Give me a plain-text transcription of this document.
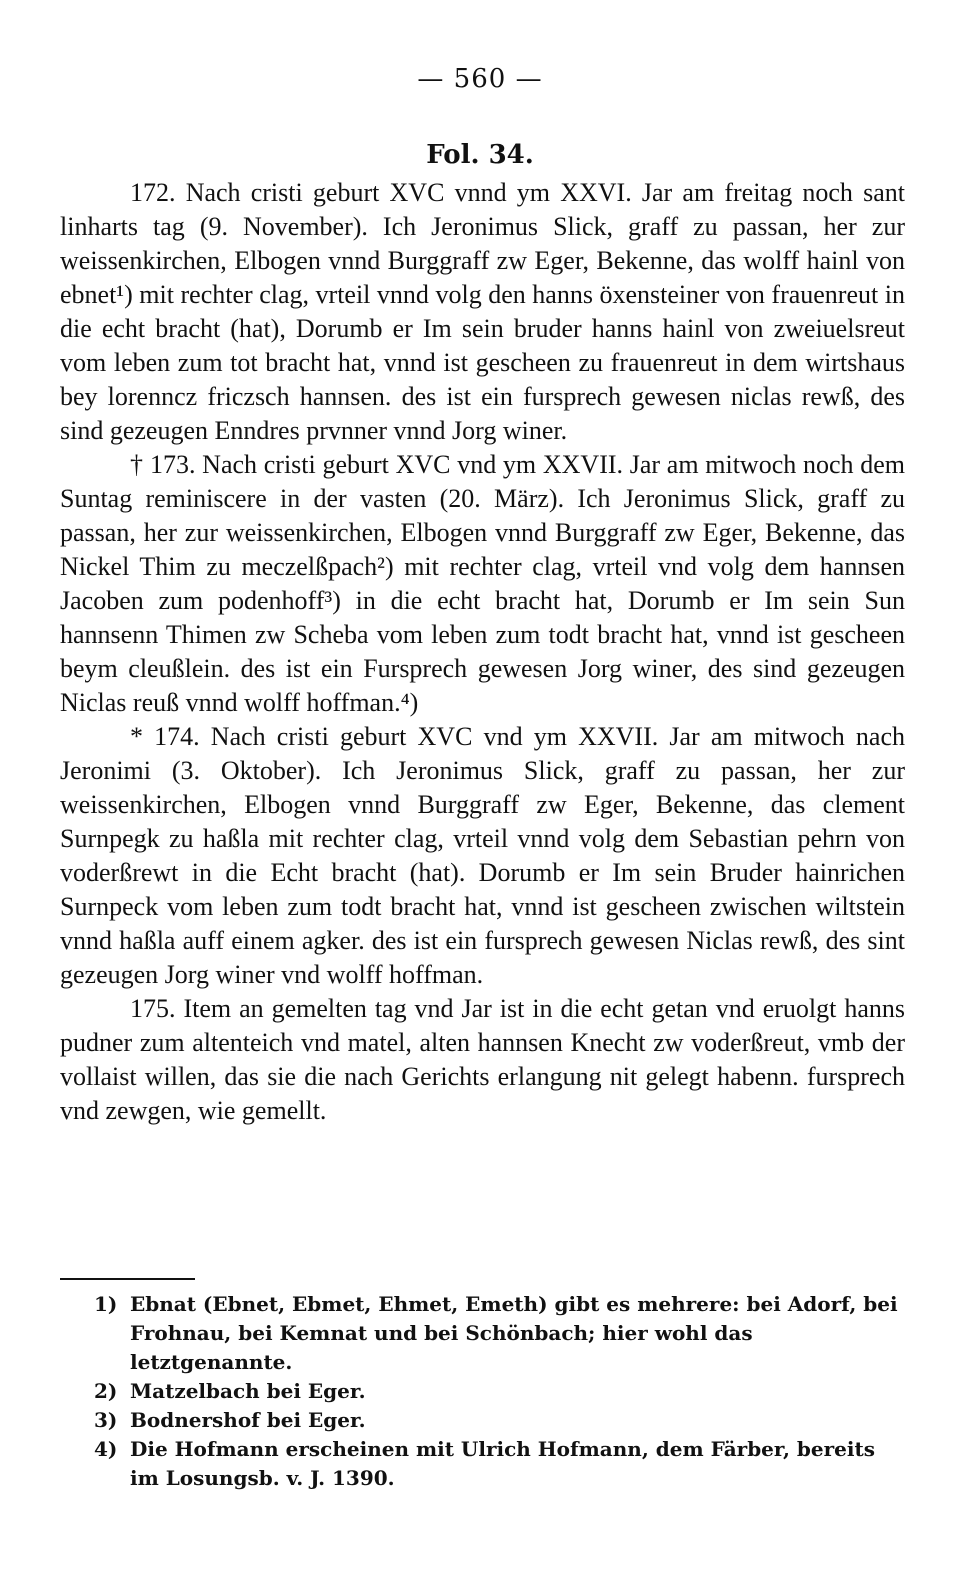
— 560 —
Fol. 34.

172. Nach cristi geburt XVC vnnd ym XXVI. Jar am freitag noch sant linharts tag (9. November). Ich Jeronimus Slick, graff zu passan, her zur weissenkirchen, Elbogen vnnd Burggraff zw Eger, Bekenne, das wolff hainl von ebnet¹) mit rechter clag, vrteil vnnd volg den hanns öxensteiner von frauenreut in die echt bracht (hat), Dorumb er Im sein bruder hanns hainl von zweiuelsreut vom leben zum tot bracht hat, vnnd ist gescheen zu frauenreut in dem wirtshaus bey lorenncz friczsch hannsen. des ist ein fursprech gewesen niclas rewß, des sind gezeugen Enndres prvnner vnnd Jorg winer.

† 173. Nach cristi geburt XVC vnd ym XXVII. Jar am mitwoch noch dem Suntag reminiscere in der vasten (20. März). Ich Jeronimus Slick, graff zu passan, her zur weissenkirchen, Elbogen vnnd Burggraff zw Eger, Bekenne, das Nickel Thim zu meczelßpach²) mit rechter clag, vrteil vnd volg dem hannsen Jacoben zum podenhoff³) in die echt bracht hat, Dorumb er Im sein Sun hannsenn Thimen zw Scheba vom leben zum todt bracht hat, vnnd ist gescheen beym cleußlein. des ist ein Fursprech gewesen Jorg winer, des sind gezeugen Niclas reuß vnnd wolff hoffman.⁴)

* 174. Nach cristi geburt XVC vnd ym XXVII. Jar am mitwoch nach Jeronimi (3. Oktober). Ich Jeronimus Slick, graff zu passan, her zur weissenkirchen, Elbogen vnnd Burggraff zw Eger, Bekenne, das clement Surnpegk zu haßla mit rechter clag, vrteil vnnd volg dem Sebastian pehrn von voderßrewt in die Echt bracht (hat). Dorumb er Im sein Bruder hainrichen Surnpeck vom leben zum todt bracht hat, vnnd ist gescheen zwischen wiltstein vnnd haßla auff einem agker. des ist ein fursprech gewesen Niclas rewß, des sint gezeugen Jorg winer vnd wolff hoffman.

175. Item an gemelten tag vnd Jar ist in die echt getan vnd eruolgt hanns pudner zum altenteich vnd matel, alten hannsen Knecht zw voderßreut, vmb der vollaist willen, das sie die nach Gerichts erlangung nit gelegt habenn. fursprech vnd zewgen, wie gemellt.

1) Ebnat (Ebnet, Ebmet, Ehmet, Emeth) gibt es mehrere: bei Adorf, bei Frohnau, bei Kemnat und bei Schönbach; hier wohl das letztgenannte.
2) Matzelbach bei Eger.
3) Bodnershof bei Eger.
4) Die Hofmann erscheinen mit Ulrich Hofmann, dem Färber, bereits im Losungsb. v. J. 1390.
